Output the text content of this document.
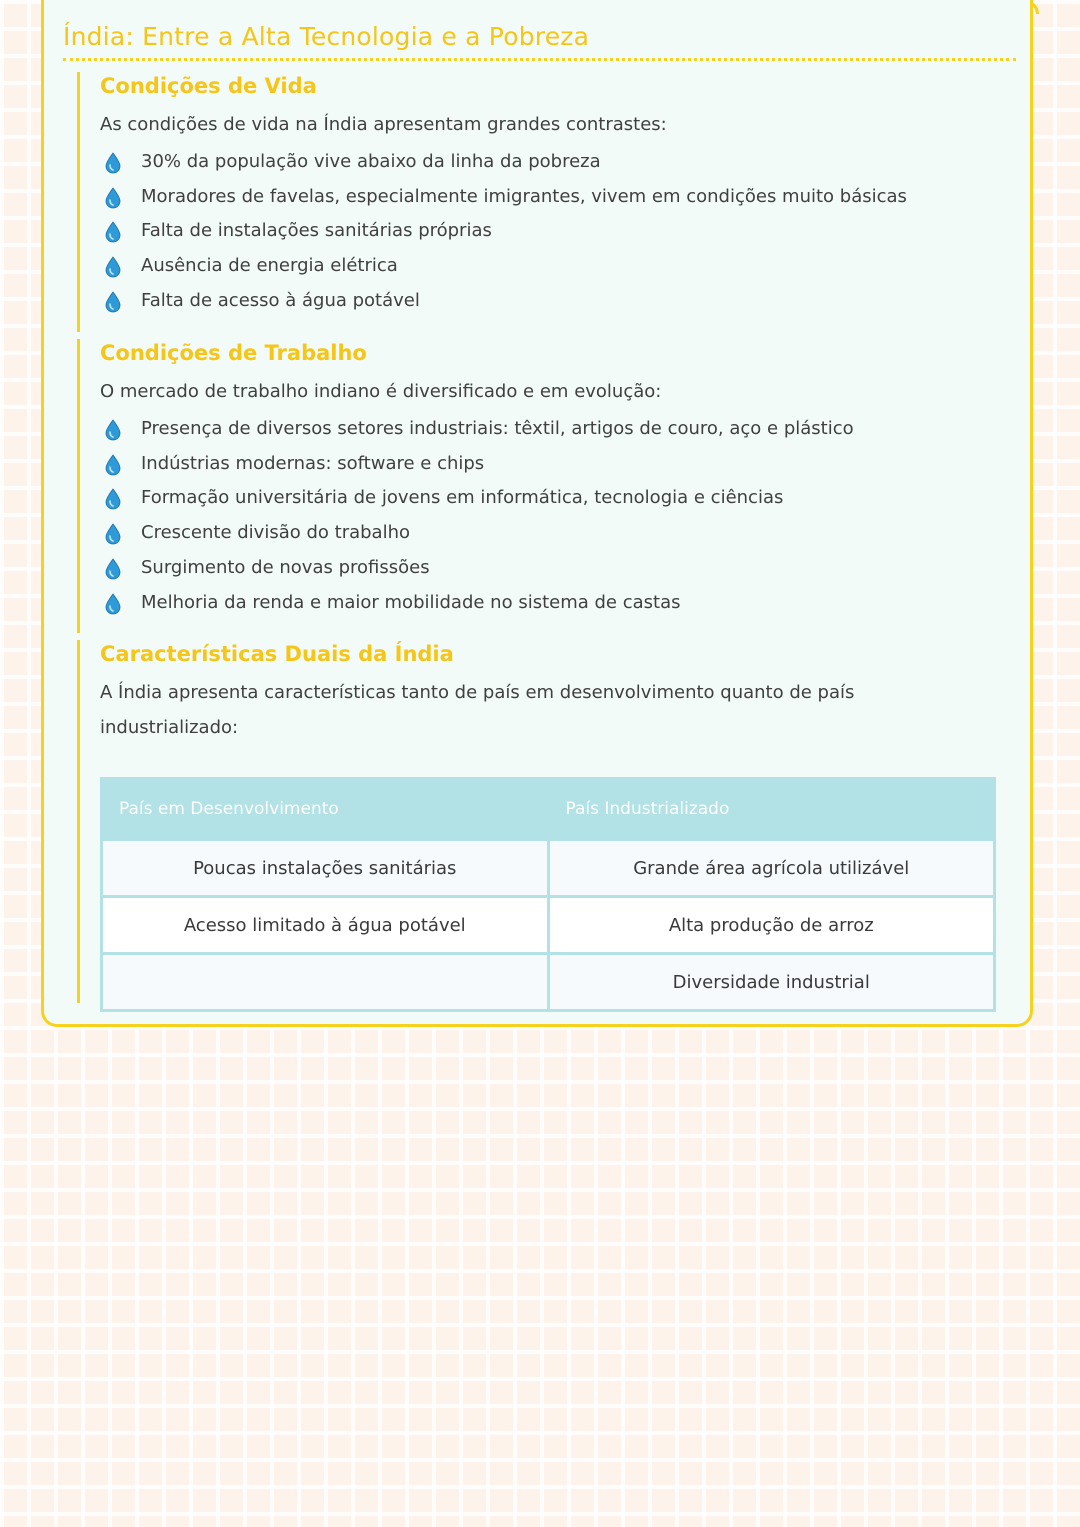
Índia: Entre a Alta Tecnologia e a Pobreza
Condições de Vida

As condições de vida na Índia apresentam grandes contrastes:

30% da população vive abaixo da linha da pobreza
Moradores de favelas, especialmente imigrantes, vivem em condições muito básicas
Falta de instalações sanitárias próprias
Ausência de energia elétrica
Falta de acesso à água potável
Condições de Trabalho

O mercado de trabalho indiano é diversificado e em evolução:

Presença de diversos setores industriais: têxtil, artigos de couro, aço e plástico
Indústrias modernas: software e chips
Formação universitária de jovens em informática, tecnologia e ciências
Crescente divisão do trabalho
Surgimento de novas profissões
Melhoria da renda e maior mobilidade no sistema de castas
Características Duais da Índia

A Índia apresenta características tanto de país em desenvolvimento quanto de país

industrializado:

País em Desenvolvimento	País Industrializado
Poucas instalações sanitárias	Grande área agrícola utilizável
Acesso limitado à água potável	Alta produção de arroz
	Diversidade industrial
